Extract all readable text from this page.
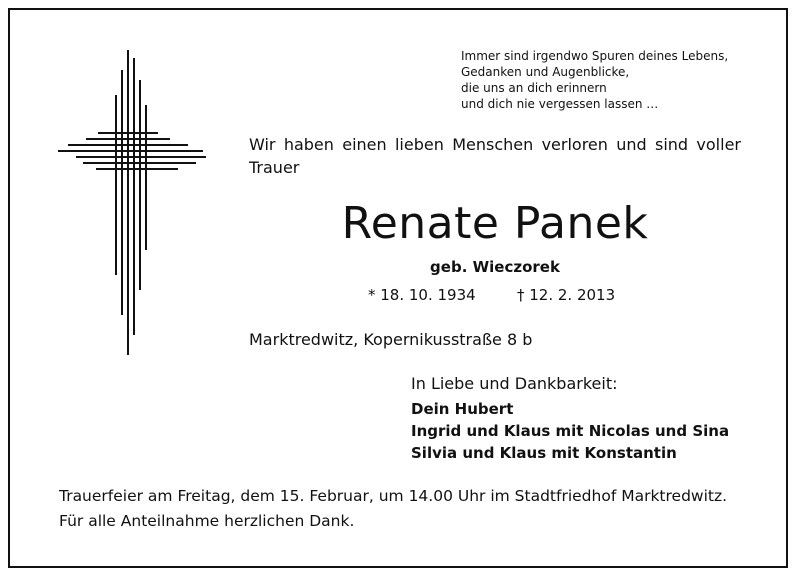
Immer sind irgendwo Spuren deines Lebens,
Gedanken und Augenblicke,
die uns an dich erinnern
und dich nie vergessen lassen …
Wir haben einen lieben Menschen verloren und sind voller Trauer
Renate Panek
geb. Wieczorek
* 18. 10. 1934	† 12. 2. 2013
Marktredwitz, Kopernikusstraße 8 b
In Liebe und Dankbarkeit:
Dein Hubert
Ingrid und Klaus mit Nicolas und Sina
Silvia und Klaus mit Konstantin
Trauerfeier am Freitag, dem 15. Februar, um 14.00 Uhr im Stadtfriedhof Marktredwitz.
Für alle Anteilnahme herzlichen Dank.
